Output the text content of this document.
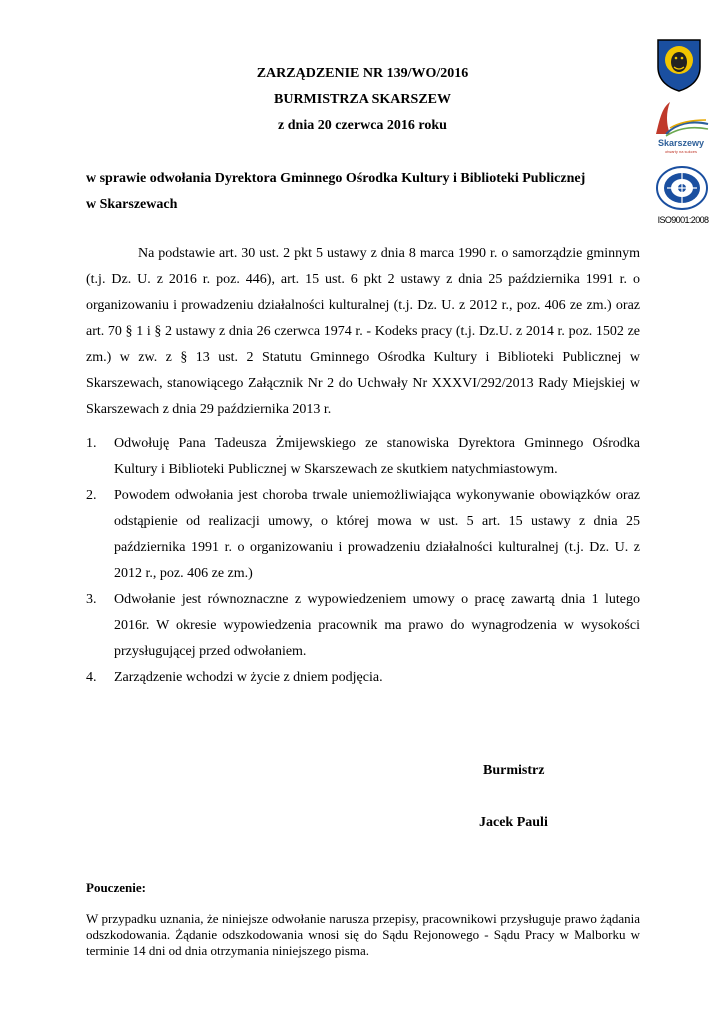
Skarszewy
otwarty na sukces
ISO9001:2008
ZARZĄDZENIE NR 139/WO/2016
BURMISTRZA SKARSZEW
z dnia 20 czerwca 2016 roku
w sprawie odwołania Dyrektora Gminnego Ośrodka Kultury i Biblioteki Publicznej
w Skarszewach
Na podstawie art. 30 ust. 2 pkt 5 ustawy z dnia 8 marca 1990 r. o samorządzie gminnym (t.j. Dz. U. z 2016 r. poz. 446), art. 15 ust. 6 pkt 2 ustawy z dnia 25 października 1991 r. o organizowaniu i prowadzeniu działalności kulturalnej (t.j. Dz. U. z 2012 r., poz. 406 ze zm.) oraz art. 70 § 1 i § 2 ustawy z dnia 26 czerwca 1974 r. - Kodeks pracy (t.j. Dz.U. z 2014 r. poz. 1502 ze zm.) w zw. z § 13 ust. 2 Statutu Gminnego Ośrodka Kultury i Biblioteki Publicznej w Skarszewach, stanowiącego Załącznik Nr 2 do Uchwały Nr XXXVI/292/2013 Rady Miejskiej w Skarszewach z dnia 29 października 2013 r.
1. Odwołuję Pana Tadeusza Żmijewskiego ze stanowiska Dyrektora Gminnego Ośrodka Kultury i Biblioteki Publicznej w Skarszewach ze skutkiem natychmiastowym.
2. Powodem odwołania jest choroba trwale uniemożliwiająca wykonywanie obowiązków oraz odstąpienie od realizacji umowy, o której mowa w ust. 5 art. 15 ustawy z dnia 25 października 1991 r. o organizowaniu i prowadzeniu działalności kulturalnej (t.j. Dz. U. z 2012 r., poz. 406 ze zm.)
3. Odwołanie jest równoznaczne z wypowiedzeniem umowy o pracę zawartą dnia 1 lutego 2016r. W okresie wypowiedzenia pracownik ma prawo do wynagrodzenia w wysokości przysługującej przed odwołaniem.
4. Zarządzenie wchodzi w życie z dniem podjęcia.
Burmistrz
Jacek Pauli
Pouczenie:
W przypadku uznania, że niniejsze odwołanie narusza przepisy, pracownikowi przysługuje prawo żądania odszkodowania. Żądanie odszkodowania wnosi się do Sądu Rejonowego - Sądu Pracy w Malborku w terminie 14 dni od dnia otrzymania niniejszego pisma.
